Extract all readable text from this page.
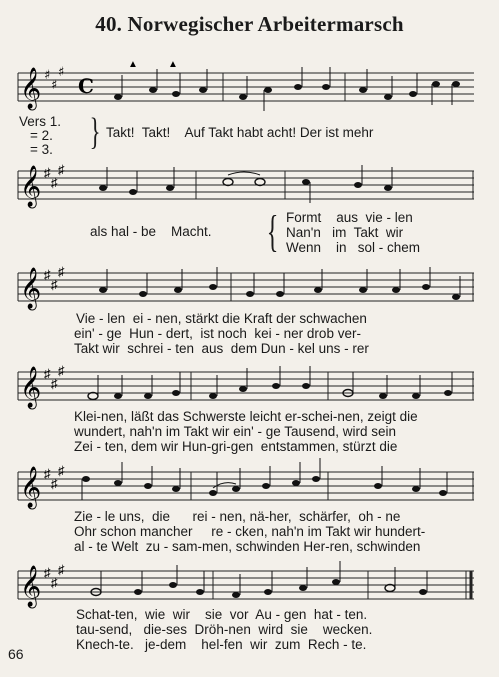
40. Norwegischer Arbeitermarsch
𝄞 ♯
♯
♯
C
▲	▲
Vers 1.
= 2.
= 3. } Takt!  Takt!    Auf Takt habt acht! Der ist mehr
𝄞 ♯
♯
♯
als hal - be    Macht. { Formt    aus  vie - len
Nan'n   im  Takt  wir
Wenn    in   sol - chem
𝄞 ♯
♯
♯
Vie - len  ei - nen, stärkt die Kraft der schwachen
ein' - ge  Hun - dert,  ist noch  kei - ner drob ver-
Takt wir  schrei - ten  aus  dem Dun - kel uns - rer
𝄞 ♯
♯
♯
Klei-nen, läßt das Schwerste leicht er-schei-nen, zeigt die
wundert, nah'n im Takt wir ein' - ge Tausend, wird sein
Zei - ten, dem wir Hun-gri-gen  entstammen, stürzt die
𝄞 ♯
♯
♯
Zie - le uns,  die      rei - nen, nä-her,  schärfer,  oh - ne
Ohr schon mancher     re - cken, nah'n im Takt wir hundert-
al - te Welt  zu - sam-men, schwinden Her-ren, schwinden
𝄞 ♯
♯
♯
Schat-ten,  wie  wir    sie  vor  Au - gen  hat - ten.
tau-send,   die-ses  Dröh-nen  wird  sie    wecken.
Knech-te.   je-dem    hel-fen  wir  zum  Rech - te.
66
